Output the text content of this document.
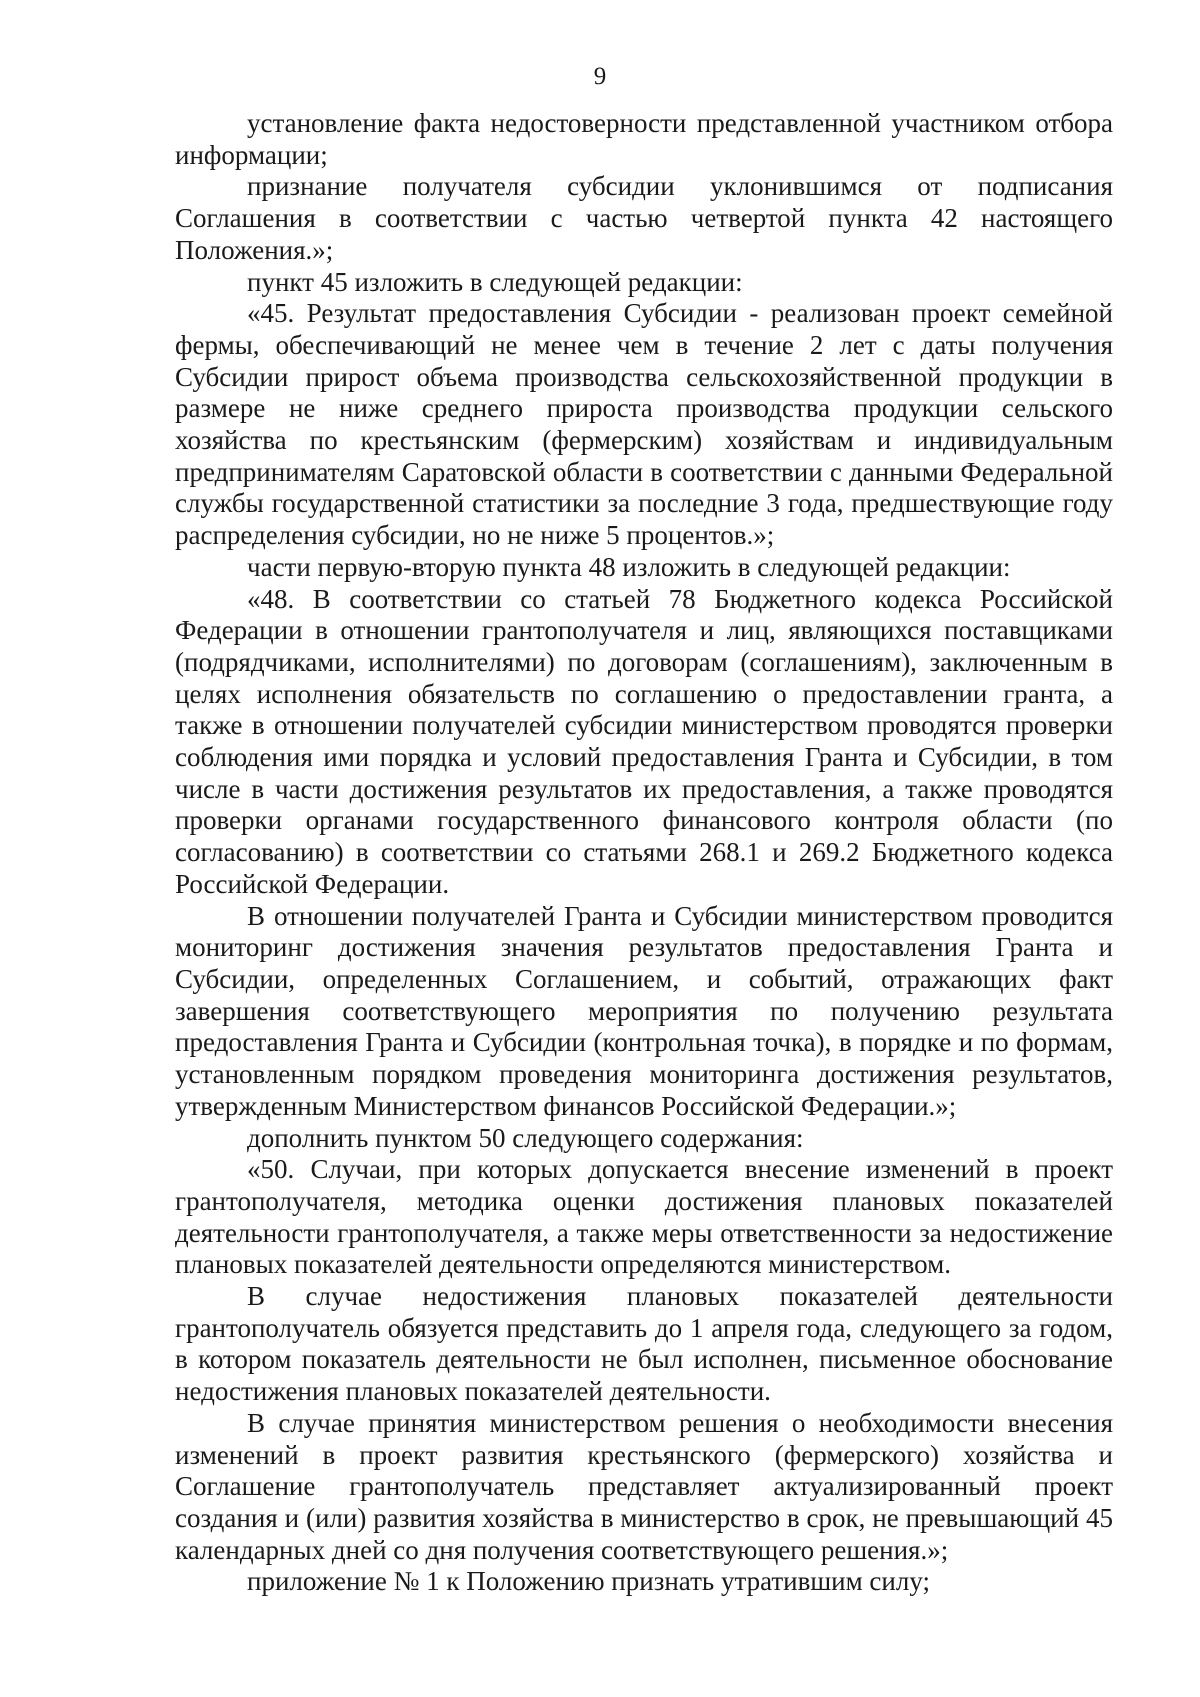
9

установление факта недостоверности представленной участником отбора информации;

признание получателя субсидии уклонившимся от подписания Соглашения в соответствии с частью четвертой пункта 42 настоящего Положения.»;

пункт 45 изложить в следующей редакции:

«45. Результат предоставления Субсидии - реализован проект семейной фермы, обеспечивающий не менее чем в течение 2 лет с даты получения Субсидии прирост объема производства сельскохозяйственной продукции в размере не ниже среднего прироста производства продукции сельского хозяйства по крестьянским (фермерским) хозяйствам и индивидуальным предпринимателям Саратовской области в соответствии с данными Федеральной службы государственной статистики за последние 3 года, предшествующие году распределения субсидии, но не ниже 5 процентов.»;

части первую-вторую пункта 48 изложить в следующей редакции:

«48. В соответствии со статьей 78 Бюджетного кодекса Российской Федерации в отношении грантополучателя и лиц, являющихся поставщиками (подрядчиками, исполнителями) по договорам (соглашениям), заключенным в целях исполнения обязательств по соглашению о предоставлении гранта, а также в отношении получателей субсидии министерством проводятся проверки соблюдения ими порядка и условий предоставления Гранта и Субсидии, в том числе в части достижения результатов их предоставления, а также проводятся проверки органами государственного финансового контроля области (по согласованию) в соответствии со статьями 268.1 и 269.2 Бюджетного кодекса Российской Федерации.

В отношении получателей Гранта и Субсидии министерством проводится мониторинг достижения значения результатов предоставления Гранта и Субсидии, определенных Соглашением, и событий, отражающих факт завершения соответствующего мероприятия по получению результата предоставления Гранта и Субсидии (контрольная точка), в порядке и по формам, установленным порядком проведения мониторинга достижения результатов, утвержденным Министерством финансов Российской Федерации.»;

дополнить пунктом 50 следующего содержания:

«50. Случаи, при которых допускается внесение изменений в проект грантополучателя, методика оценки достижения плановых показателей деятельности грантополучателя, а также меры ответственности за недостижение плановых показателей деятельности определяются министерством.

В случае недостижения плановых показателей деятельности грантополучатель обязуется представить до 1 апреля года, следующего за годом, в котором показатель деятельности не был исполнен, письменное обоснование недостижения плановых показателей деятельности.

В случае принятия министерством решения о необходимости внесения изменений в проект развития крестьянского (фермерского) хозяйства и Соглашение грантополучатель представляет актуализированный проект создания и (или) развития хозяйства в министерство в срок, не превышающий 45 календарных дней со дня получения соответствующего решения.»;

приложение № 1 к Положению признать утратившим силу;
